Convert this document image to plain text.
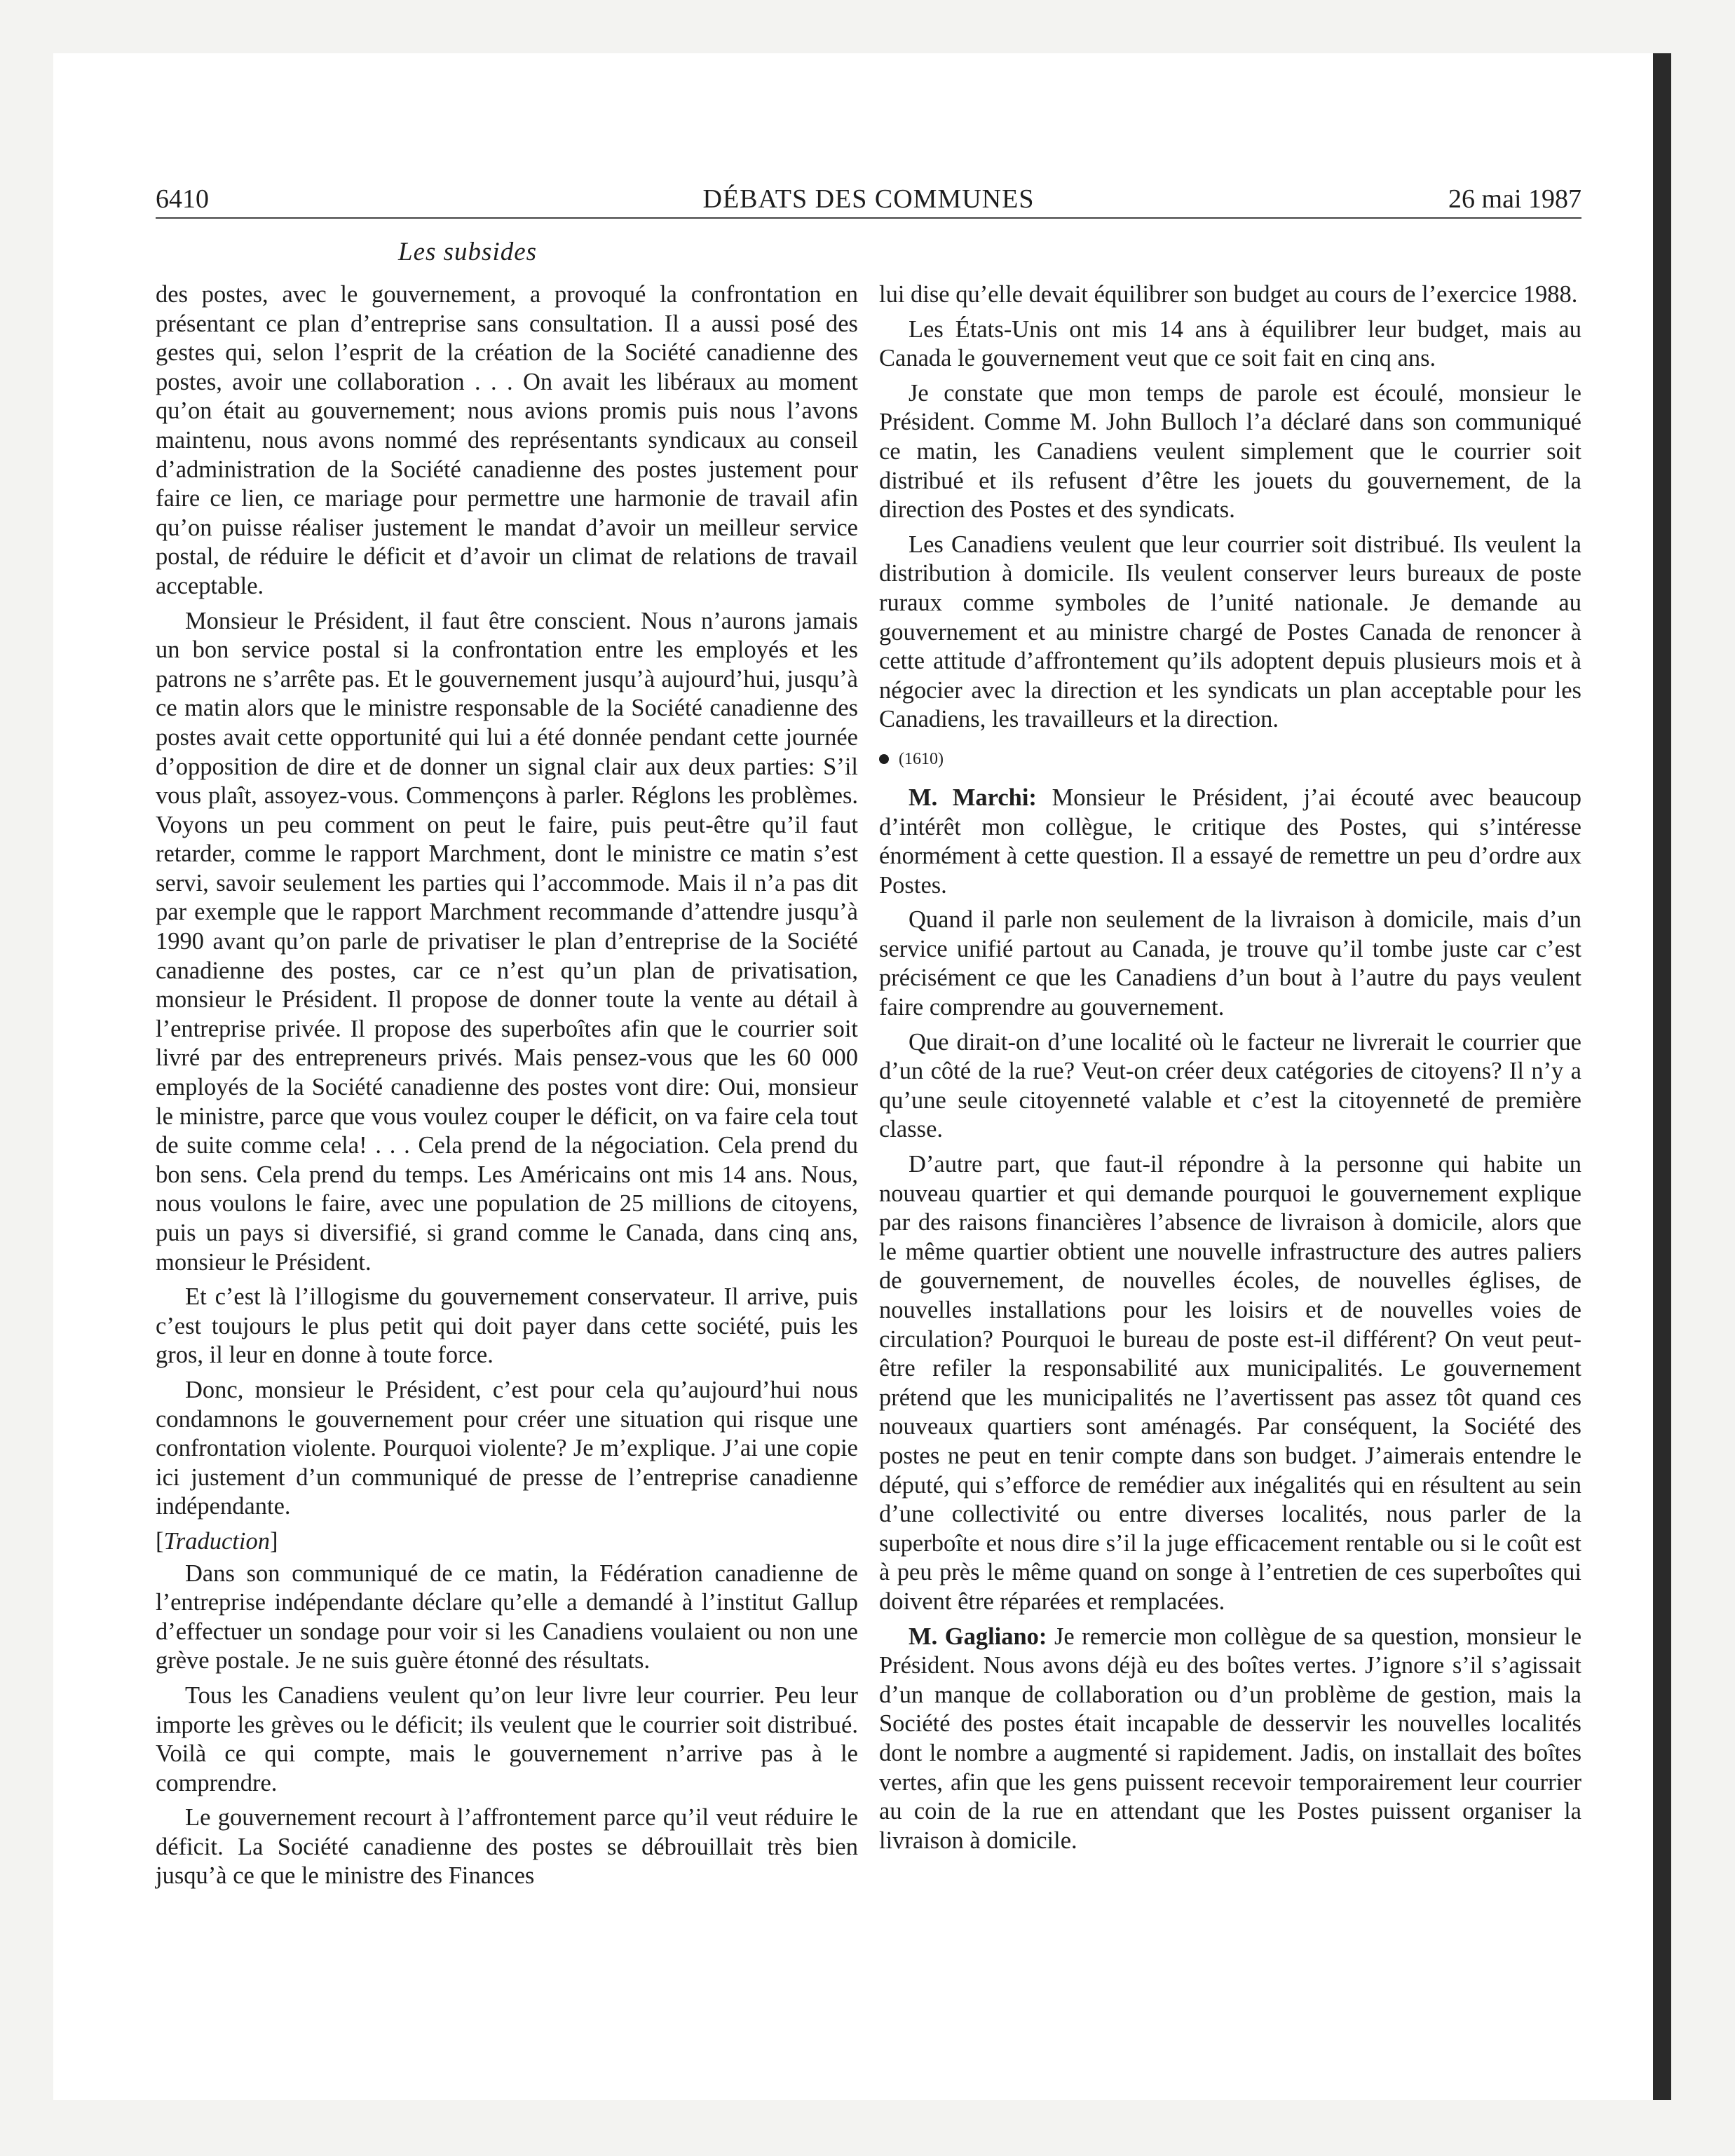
6410	DÉBATS DES COMMUNES	26 mai 1987
Les subsides

des postes, avec le gouvernement, a provoqué la confrontation en présentant ce plan d’entreprise sans consultation. Il a aussi posé des gestes qui, selon l’esprit de la création de la Société canadienne des postes, avoir une collaboration . . . On avait les libéraux au moment qu’on était au gouvernement; nous avions promis puis nous l’avons maintenu, nous avons nommé des représentants syndicaux au conseil d’administration de la Société canadienne des postes justement pour faire ce lien, ce mariage pour permettre une harmonie de travail afin qu’on puisse réaliser justement le mandat d’avoir un meilleur service postal, de réduire le déficit et d’avoir un climat de relations de travail acceptable.

Monsieur le Président, il faut être conscient. Nous n’aurons jamais un bon service postal si la confrontation entre les employés et les patrons ne s’arrête pas. Et le gouvernement jusqu’à aujourd’hui, jusqu’à ce matin alors que le ministre responsable de la Société canadienne des postes avait cette opportunité qui lui a été donnée pendant cette journée d’opposition de dire et de donner un signal clair aux deux parties: S’il vous plaît, assoyez-vous. Commençons à parler. Réglons les problèmes. Voyons un peu comment on peut le faire, puis peut-être qu’il faut retarder, comme le rapport Marchment, dont le ministre ce matin s’est servi, savoir seulement les parties qui l’accommode. Mais il n’a pas dit par exemple que le rapport Marchment recommande d’attendre jusqu’à 1990 avant qu’on parle de privatiser le plan d’entreprise de la Société canadienne des postes, car ce n’est qu’un plan de privatisation, monsieur le Président. Il propose de donner toute la vente au détail à l’entreprise privée. Il propose des superboîtes afin que le courrier soit livré par des entrepreneurs privés. Mais pensez-vous que les 60 000 employés de la Société canadienne des postes vont dire: Oui, monsieur le ministre, parce que vous voulez couper le déficit, on va faire cela tout de suite comme cela! . . . Cela prend de la négociation. Cela prend du bon sens. Cela prend du temps. Les Américains ont mis 14 ans. Nous, nous voulons le faire, avec une population de 25 millions de citoyens, puis un pays si diversifié, si grand comme le Canada, dans cinq ans, monsieur le Président.

Et c’est là l’illogisme du gouvernement conservateur. Il arrive, puis c’est toujours le plus petit qui doit payer dans cette société, puis les gros, il leur en donne à toute force.

Donc, monsieur le Président, c’est pour cela qu’aujourd’hui nous condamnons le gouvernement pour créer une situation qui risque une confrontation violente. Pourquoi violente? Je m’explique. J’ai une copie ici justement d’un communiqué de presse de l’entreprise canadienne indépendante.

[Traduction]

Dans son communiqué de ce matin, la Fédération canadienne de l’entreprise indépendante déclare qu’elle a demandé à l’institut Gallup d’effectuer un sondage pour voir si les Canadiens voulaient ou non une grève postale. Je ne suis guère étonné des résultats.

Tous les Canadiens veulent qu’on leur livre leur courrier. Peu leur importe les grèves ou le déficit; ils veulent que le courrier soit distribué. Voilà ce qui compte, mais le gouvernement n’arrive pas à le comprendre.

Le gouvernement recourt à l’affrontement parce qu’il veut réduire le déficit. La Société canadienne des postes se débrouillait très bien jusqu’à ce que le ministre des Finances

lui dise qu’elle devait équilibrer son budget au cours de l’exercice 1988.

Les États-Unis ont mis 14 ans à équilibrer leur budget, mais au Canada le gouvernement veut que ce soit fait en cinq ans.

Je constate que mon temps de parole est écoulé, monsieur le Président. Comme M. John Bulloch l’a déclaré dans son communiqué ce matin, les Canadiens veulent simplement que le courrier soit distribué et ils refusent d’être les jouets du gouvernement, de la direction des Postes et des syndicats.

Les Canadiens veulent que leur courrier soit distribué. Ils veulent la distribution à domicile. Ils veulent conserver leurs bureaux de poste ruraux comme symboles de l’unité nationale. Je demande au gouvernement et au ministre chargé de Postes Canada de renoncer à cette attitude d’affrontement qu’ils adoptent depuis plusieurs mois et à négocier avec la direction et les syndicats un plan acceptable pour les Canadiens, les travailleurs et la direction.

(1610)

M. Marchi: Monsieur le Président, j’ai écouté avec beaucoup d’intérêt mon collègue, le critique des Postes, qui s’intéresse énormément à cette question. Il a essayé de remettre un peu d’ordre aux Postes.

Quand il parle non seulement de la livraison à domicile, mais d’un service unifié partout au Canada, je trouve qu’il tombe juste car c’est précisément ce que les Canadiens d’un bout à l’autre du pays veulent faire comprendre au gouvernement.

Que dirait-on d’une localité où le facteur ne livrerait le courrier que d’un côté de la rue? Veut-on créer deux catégories de citoyens? Il n’y a qu’une seule citoyenneté valable et c’est la citoyenneté de première classe.

D’autre part, que faut-il répondre à la personne qui habite un nouveau quartier et qui demande pourquoi le gouvernement explique par des raisons financières l’absence de livraison à domicile, alors que le même quartier obtient une nouvelle infrastructure des autres paliers de gouvernement, de nouvelles écoles, de nouvelles églises, de nouvelles installations pour les loisirs et de nouvelles voies de circulation? Pourquoi le bureau de poste est-il différent? On veut peut-être refiler la responsabilité aux municipalités. Le gouvernement prétend que les municipalités ne l’avertissent pas assez tôt quand ces nouveaux quartiers sont aménagés. Par conséquent, la Société des postes ne peut en tenir compte dans son budget. J’aimerais entendre le député, qui s’efforce de remédier aux inégalités qui en résultent au sein d’une collectivité ou entre diverses localités, nous parler de la superboîte et nous dire s’il la juge efficacement rentable ou si le coût est à peu près le même quand on songe à l’entretien de ces superboîtes qui doivent être réparées et remplacées.

M. Gagliano: Je remercie mon collègue de sa question, monsieur le Président. Nous avons déjà eu des boîtes vertes. J’ignore s’il s’agissait d’un manque de collaboration ou d’un problème de gestion, mais la Société des postes était incapable de desservir les nouvelles localités dont le nombre a augmenté si rapidement. Jadis, on installait des boîtes vertes, afin que les gens puissent recevoir temporairement leur courrier au coin de la rue en attendant que les Postes puissent organiser la livraison à domicile.
